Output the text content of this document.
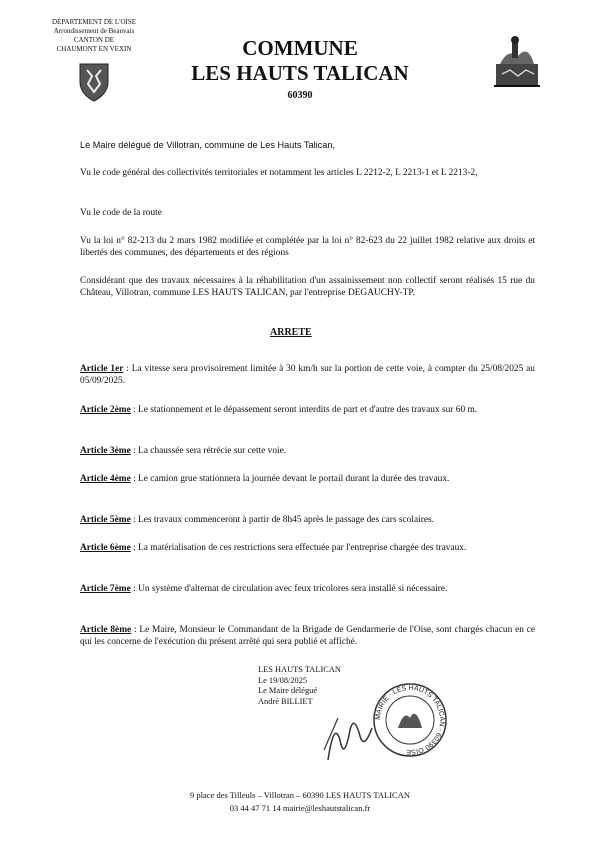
DÉPARTEMENT DE L'OISE
Arrondissement de Beauvais
CANTON DE
CHAUMONT EN VEXIN	COMMUNE
LES HAUTS TALICAN
60390
Le Maire délégué de Villotran, commune de Les Hauts Talican,
Vu le code général des collectivités territoriales et notamment les articles L 2212-2, L 2213-1 et L 2213-2,
Vu le code de la route
Vu la loi n° 82-213 du 2 mars 1982 modifiée et complétée par la loi n° 82-623 du 22 juillet 1982 relative aux droits et libertés des communes, des départements et des régions
Considérant que des travaux nécessaires à la réhabilitation d'un assainissement non collectif seront réalisés 15 rue du Château, Villotran, commune LES HAUTS TALICAN, par l'entreprise DEGAUCHY-TP.
ARRETE
Article 1er : La vitesse sera provisoirement limitée à 30 km/h sur la portion de cette voie, à compter du 25/08/2025 au 05/09/2025.
Article 2ème : Le stationnement et le dépassement seront interdits de part et d'autre des travaux sur 60 m.
Article 3ème : La chaussée sera rétrécie sur cette voie.
Article 4ème : Le camion grue stationnera la journée devant le portail durant la durée des travaux.
Article 5ème : Les travaux commenceront à partir de 8h45 après le passage des cars scolaires.
Article 6ème : La matérialisation de ces restrictions sera effectuée par l'entreprise chargée des travaux.
Article 7ème : Un système d'alternat de circulation avec feux tricolores sera installé si nécessaire.
Article 8ème : Le Maire, Monsieur le Commandant de la Brigade de Gendarmerie de l'Oise, sont chargés chacun en ce qui les concerne de l'exécution du présent arrêté qui sera publié et affiché.
LES HAUTS TALICAN
Le 19/08/2025
Le Maire délégué
André BILLIET
MAIRIE · LES HAUTS TALICAN · 60390 OISE
9 place des Tilleuls – Villotran – 60390 LES HAUTS TALICAN
03 44 47 71 14 mairie@leshautstalican.fr
